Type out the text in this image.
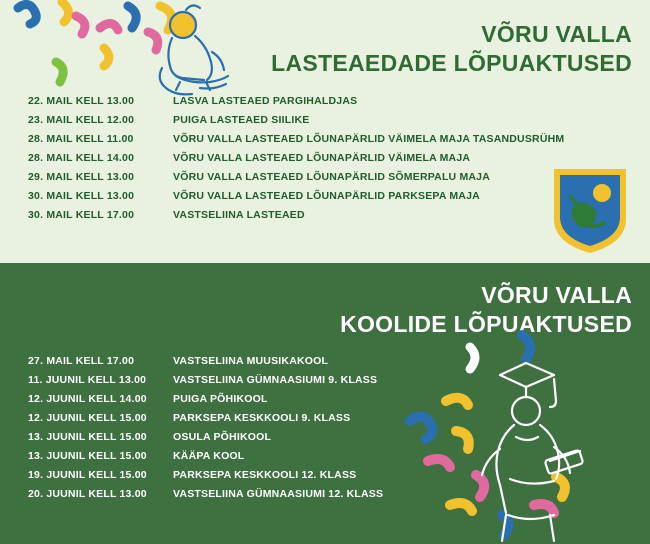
VÕRU VALLA
LASTEAEDADE LÕPUAKTUSED
22. MAIL KELL 13.00	LASVA LASTEAED PARGIHALDJAS
23. MAIL KELL 12.00	PUIGA LASTEAED SIILIKE
28. MAIL KELL 11.00	VÕRU VALLA LASTEAED LÕUNAPÄRLID VÄIMELA MAJA TASANDUSRÜHM
28. MAIL KELL 14.00	VÕRU VALLA LASTEAED LÕUNAPÄRLID VÄIMELA MAJA
29. MAIL KELL 13.00	VÕRU VALLA LASTEAED LÕUNAPÄRLID SÕMERPALU MAJA
30. MAIL KELL 13.00	VÕRU VALLA LASTEAED LÕUNAPÄRLID PARKSEPA MAJA
30. MAIL KELL 17.00	VASTSELIINA LASTEAED
VÕRU VALLA
KOOLIDE LÕPUAKTUSED
27. MAIL KELL 17.00	VASTSELIINA MUUSIKAKOOL
11. JUUNIL KELL 13.00	VASTSELIINA GÜMNAASIUMI 9. KLASS
12. JUUNIL KELL 14.00	PUIGA PÕHIKOOL
12. JUUNIL KELL 15.00	PARKSEPA KESKKOOLI 9. KLASS
13. JUUNIL KELL 15.00	OSULA PÕHIKOOL
13. JUUNIL KELL 15.00	KÄÄPA KOOL
19. JUUNIL KELL 15.00	PARKSEPA KESKKOOLI 12. KLASS
20. JUUNIL KELL 13.00	VASTSELIINA GÜMNAASIUMI 12. KLASS
